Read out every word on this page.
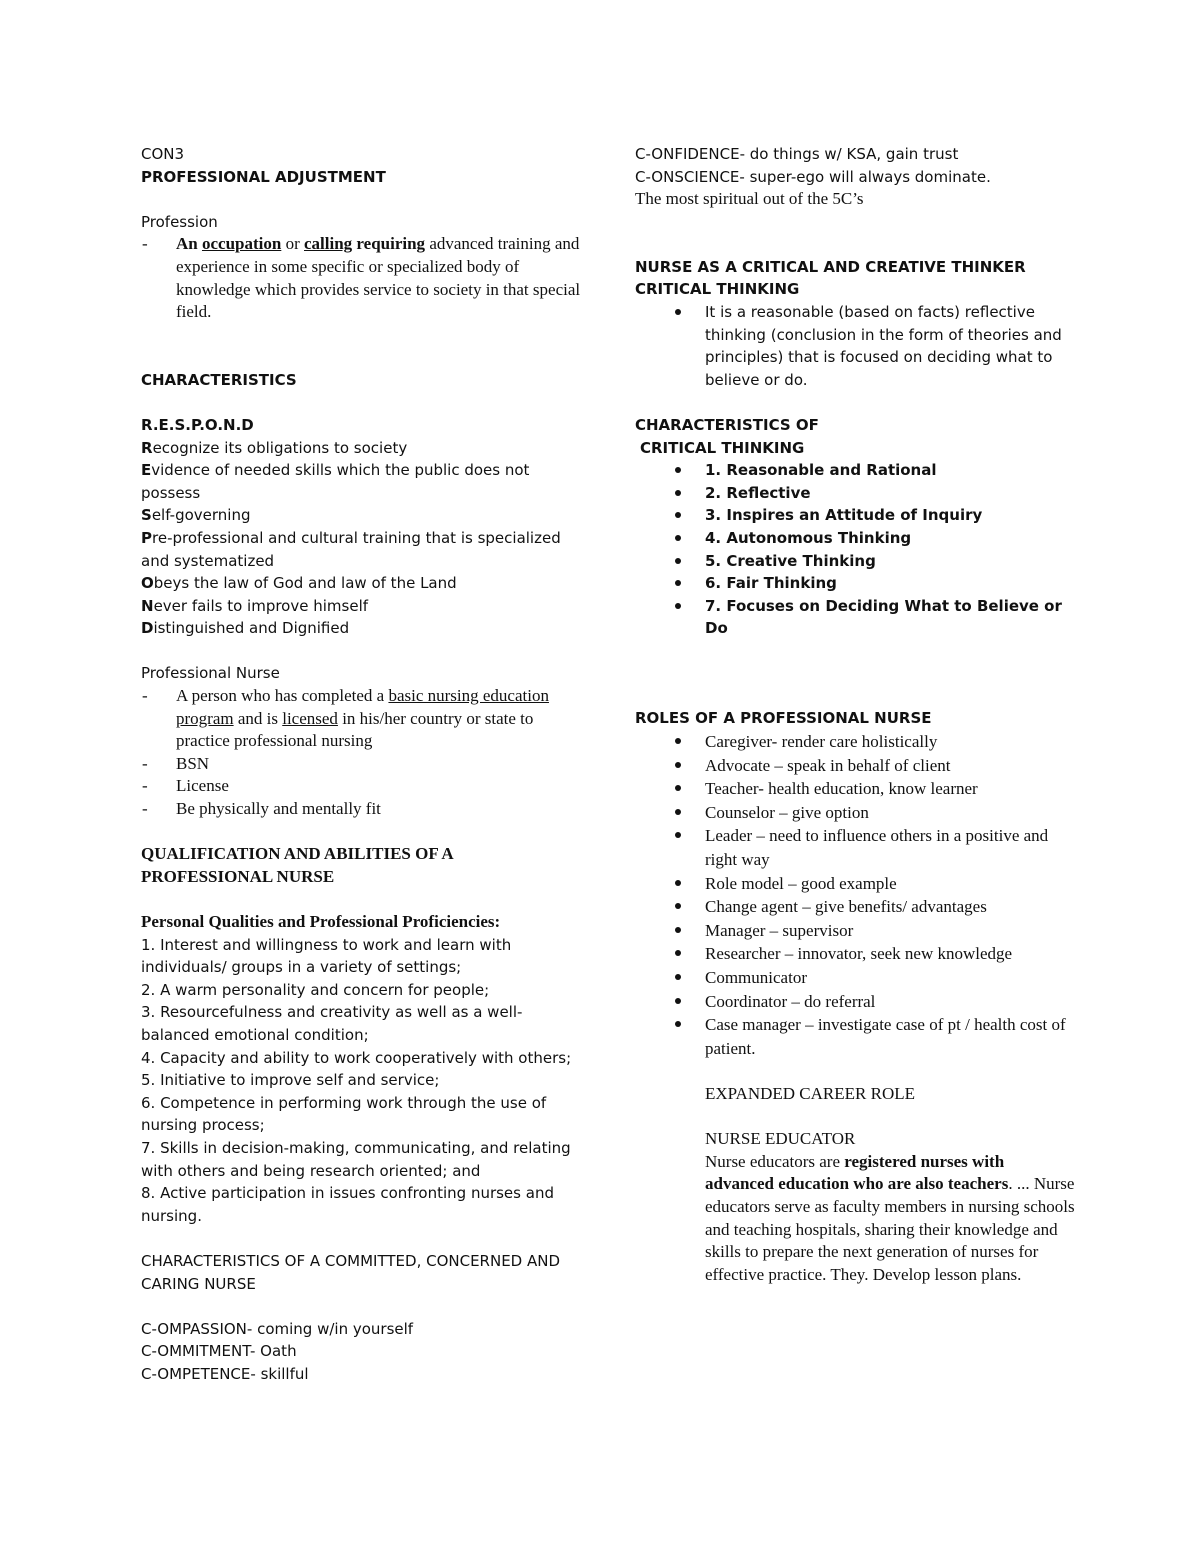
CON3
PROFESSIONAL ADJUSTMENT
Profession
- An occupation or calling requiring advanced training and experience in some specific or specialized body of knowledge which provides service to society in that special field.
CHARACTERISTICS
R.E.S.P.O.N.D
Recognize its obligations to society
Evidence of needed skills which the public does not possess
Self-governing
Pre-professional and cultural training that is specialized and systematized
Obeys the law of God and law of the Land
Never fails to improve himself
Distinguished and Dignified
Professional Nurse
- A person who has completed a basic nursing education program and is licensed in his/her country or state to practice professional nursing
- BSN
- License
- Be physically and mentally fit
QUALIFICATION AND ABILITIES OF A PROFESSIONAL NURSE
Personal Qualities and Professional Proficiencies:
1. Interest and willingness to work and learn with individuals/ groups in a variety of settings;
2. A warm personality and concern for people;
3. Resourcefulness and creativity as well as a well-balanced emotional condition;
4. Capacity and ability to work cooperatively with others;
5. Initiative to improve self and service;
6. Competence in performing work through the use of nursing process;
7. Skills in decision-making, communicating, and relating with others and being research oriented; and
8. Active participation in issues confronting nurses and nursing.
CHARACTERISTICS OF A COMMITTED, CONCERNED AND CARING NURSE
C-OMPASSION- coming w/in yourself
C-OMMITMENT- Oath
C-OMPETENCE- skillful
C-ONFIDENCE- do things w/ KSA, gain trust
C-ONSCIENCE- super-ego will always dominate.
The most spiritual out of the 5C’s
NURSE AS A CRITICAL AND CREATIVE THINKER
CRITICAL THINKING
It is a reasonable (based on facts) reflective thinking (conclusion in the form of theories and principles) that is focused on deciding what to believe or do.
CHARACTERISTICS OF
CRITICAL THINKING
1. Reasonable and Rational
2. Reflective
3. Inspires an Attitude of Inquiry
4. Autonomous Thinking
5. Creative Thinking
6. Fair Thinking
7. Focuses on Deciding What to Believe or Do
ROLES OF A PROFESSIONAL NURSE
Caregiver- render care holistically
Advocate – speak in behalf of client
Teacher- health education, know learner
Counselor – give option
Leader – need to influence others in a positive and right way
Role model – good example
Change agent – give benefits/ advantages
Manager – supervisor
Researcher – innovator, seek new knowledge
Communicator
Coordinator – do referral
Case manager – investigate case of pt / health cost of patient.
EXPANDED CAREER ROLE
NURSE EDUCATOR

Nurse educators are registered nurses with advanced education who are also teachers. ... Nurse educators serve as faculty members in nursing schools and teaching hospitals, sharing their knowledge and skills to prepare the next generation of nurses for effective practice. They. Develop lesson plans.
